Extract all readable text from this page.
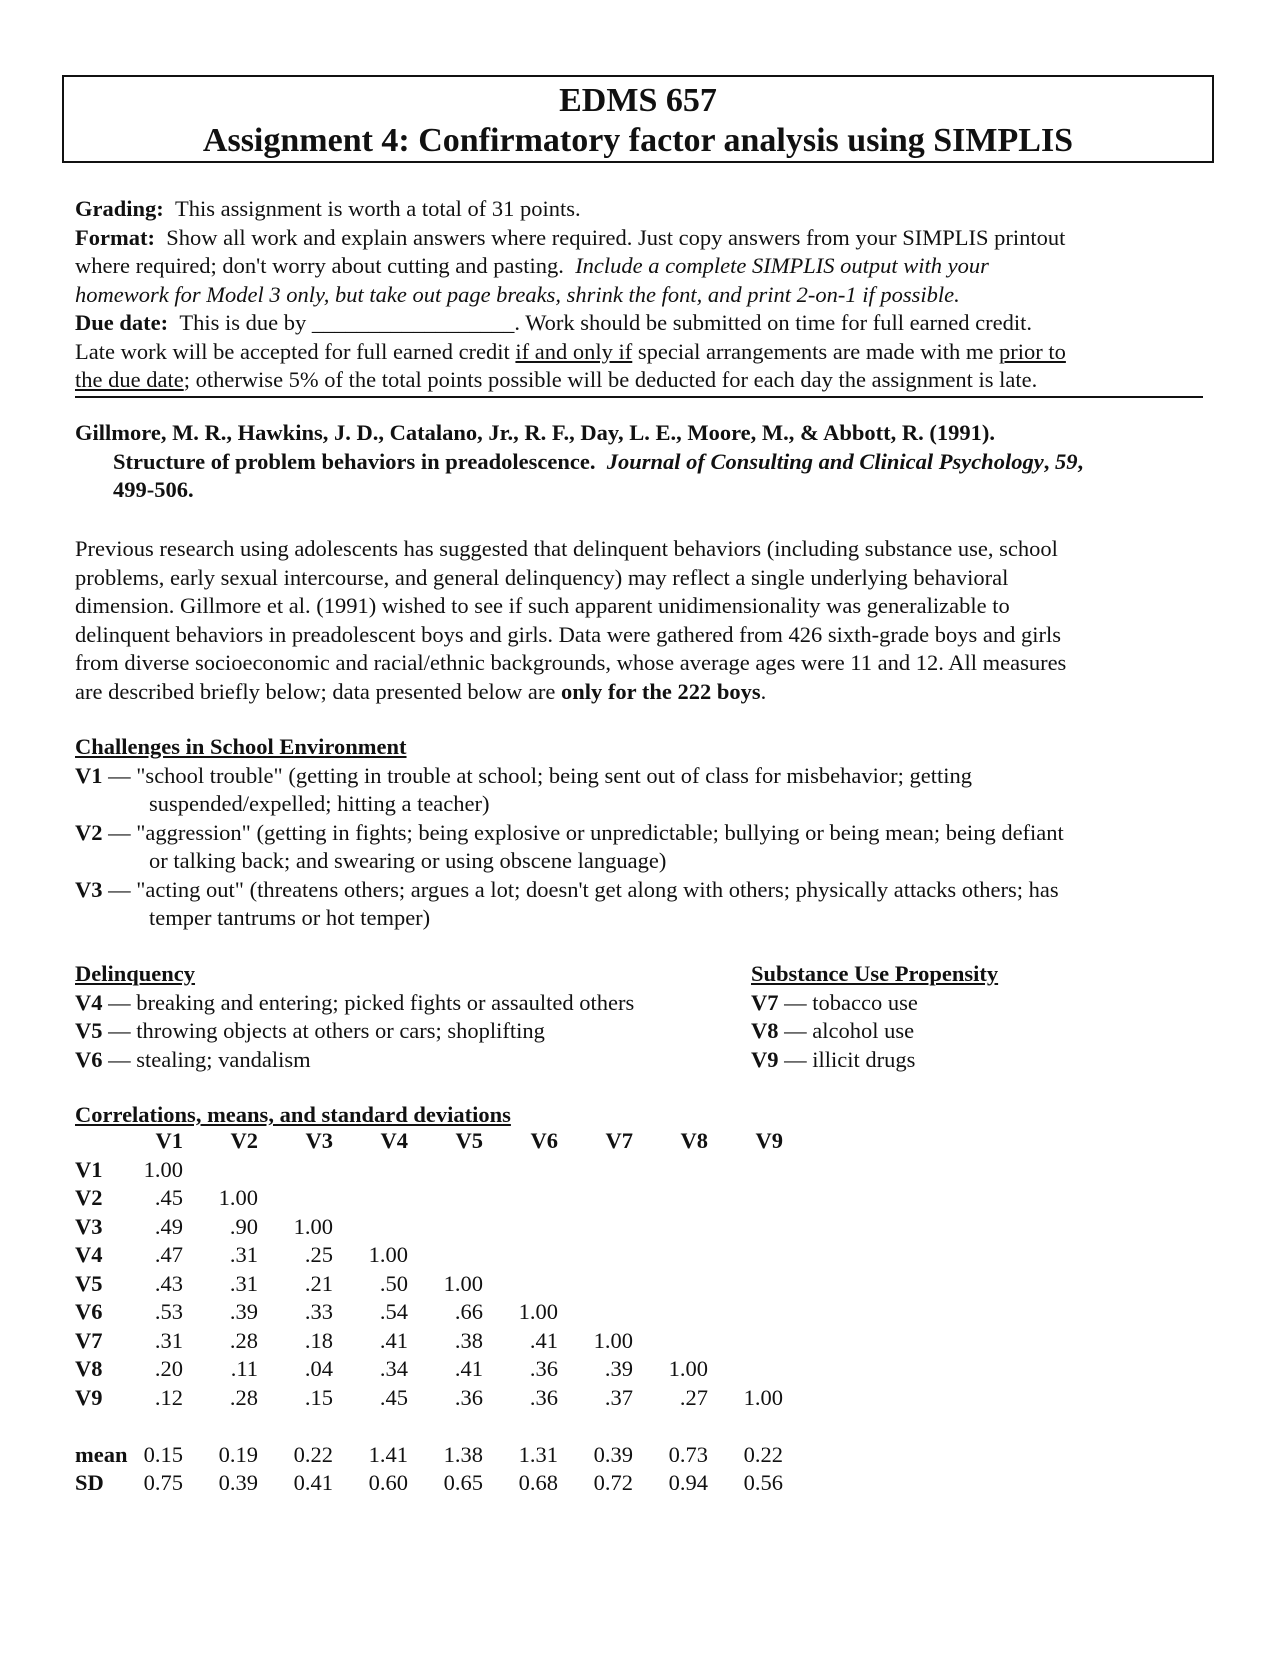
EDMS 657
Assignment 4: Confirmatory factor analysis using SIMPLIS
Grading: This assignment is worth a total of 31 points.
Format: Show all work and explain answers where required. Just copy answers from your SIMPLIS printout
where required; don't worry about cutting and pasting. Include a complete SIMPLIS output with your
homework for Model 3 only, but take out page breaks, shrink the font, and print 2-on-1 if possible.
Due date: This is due by __________________. Work should be submitted on time for full earned credit.
Late work will be accepted for full earned credit if and only if special arrangements are made with me prior to
the due date; otherwise 5% of the total points possible will be deducted for each day the assignment is late.
Gillmore, M. R., Hawkins, J. D., Catalano, Jr., R. F., Day, L. E., Moore, M., & Abbott, R. (1991).
Structure of problem behaviors in preadolescence. Journal of Consulting and Clinical Psychology, 59,
499-506.
Previous research using adolescents has suggested that delinquent behaviors (including substance use, school
problems, early sexual intercourse, and general delinquency) may reflect a single underlying behavioral
dimension. Gillmore et al. (1991) wished to see if such apparent unidimensionality was generalizable to
delinquent behaviors in preadolescent boys and girls. Data were gathered from 426 sixth-grade boys and girls
from diverse socioeconomic and racial/ethnic backgrounds, whose average ages were 11 and 12. All measures
are described briefly below; data presented below are only for the 222 boys.
Challenges in School Environment
V1 — "school trouble" (getting in trouble at school; being sent out of class for misbehavior; getting
suspended/expelled; hitting a teacher)
V2 — "aggression" (getting in fights; being explosive or unpredictable; bullying or being mean; being defiant
or talking back; and swearing or using obscene language)
V3 — "acting out" (threatens others; argues a lot; doesn't get along with others; physically attacks others; has
temper tantrums or hot temper)
Delinquency
V4 — breaking and entering; picked fights or assaulted others
V5 — throwing objects at others or cars; shoplifting
V6 — stealing; vandalism
Substance Use Propensity
V7 — tobacco use
V8 — alcohol use
V9 — illicit drugs
Correlations, means, and standard deviations
	V1	V2	V3	V4	V5	V6	V7	V8	V9
V1	1.00								
V2	.45	1.00							
V3	.49	.90	1.00						
V4	.47	.31	.25	1.00					
V5	.43	.31	.21	.50	1.00				
V6	.53	.39	.33	.54	.66	1.00			
V7	.31	.28	.18	.41	.38	.41	1.00		
V8	.20	.11	.04	.34	.41	.36	.39	1.00	
V9	.12	.28	.15	.45	.36	.36	.37	.27	1.00

mean	0.15	0.19	0.22	1.41	1.38	1.31	0.39	0.73	0.22
SD	0.75	0.39	0.41	0.60	0.65	0.68	0.72	0.94	0.56
